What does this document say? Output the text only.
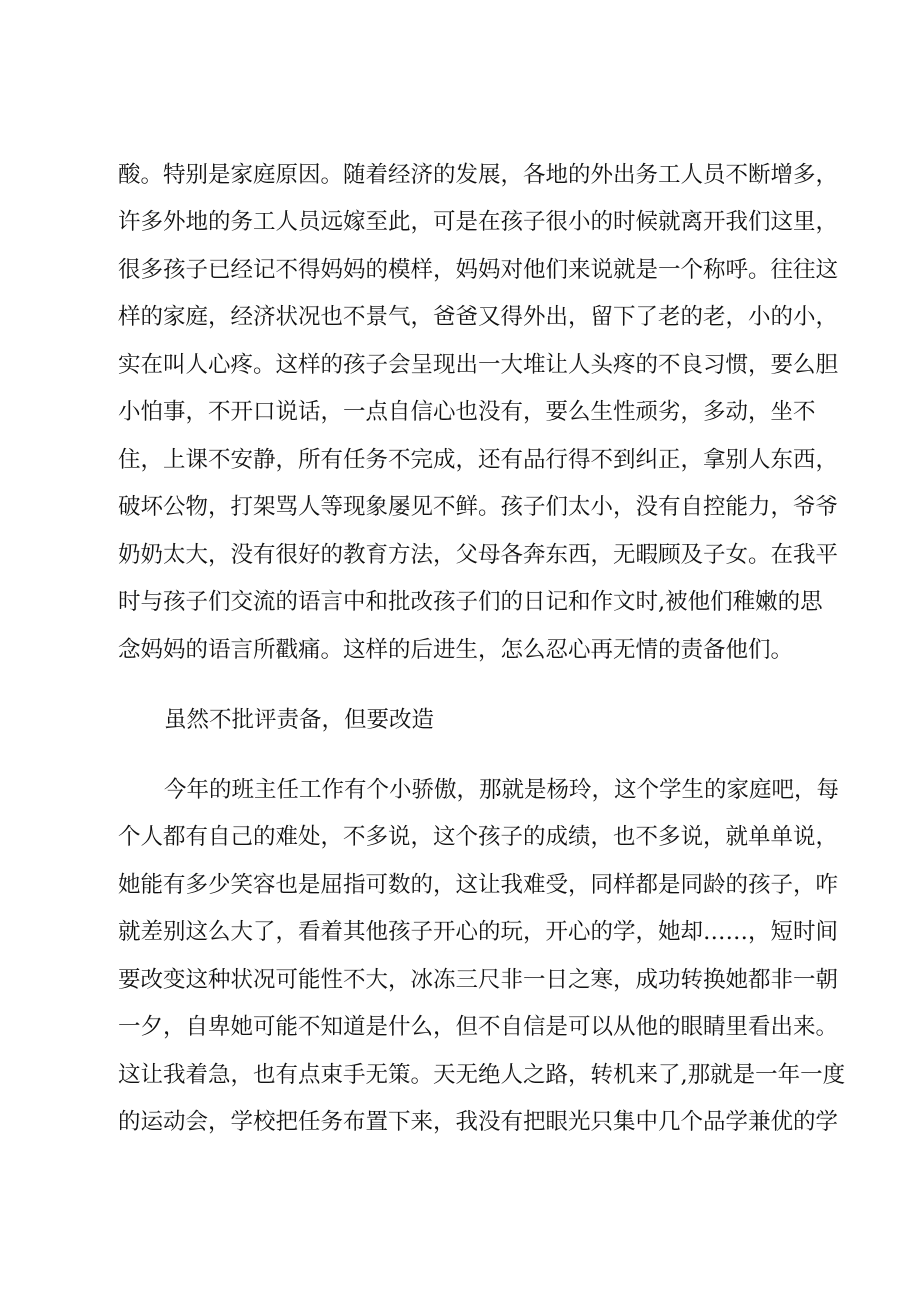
酸。特别是家庭原因。随着经济的发展，各地的外出务工人员不断增多，
许多外地的务工人员远嫁至此，可是在孩子很小的时候就离开我们这里，
很多孩子已经记不得妈妈的模样，妈妈对他们来说就是一个称呼。往往这
样的家庭，经济状况也不景气，爸爸又得外出，留下了老的老，小的小，
实在叫人心疼。这样的孩子会呈现出一大堆让人头疼的不良习惯，要么胆
小怕事，不开口说话，一点自信心也没有，要么生性顽劣，多动，坐不
住，上课不安静，所有任务不完成，还有品行得不到纠正，拿别人东西，
破坏公物，打架骂人等现象屡见不鲜。孩子们太小，没有自控能力，爷爷
奶奶太大，没有很好的教育方法，父母各奔东西，无暇顾及子女。在我平
时与孩子们交流的语言中和批改孩子们的日记和作文时,被他们稚嫩的思
念妈妈的语言所戳痛。这样的后进生，怎么忍心再无情的责备他们。
虽然不批评责备，但要改造
今年的班主任工作有个小骄傲，那就是杨玲，这个学生的家庭吧，每
个人都有自己的难处，不多说，这个孩子的成绩，也不多说，就单单说，
她能有多少笑容也是屈指可数的，这让我难受，同样都是同龄的孩子，咋
就差别这么大了，看着其他孩子开心的玩，开心的学，她却……，短时间
要改变这种状况可能性不大，冰冻三尺非一日之寒，成功转换她都非一朝
一夕，自卑她可能不知道是什么，但不自信是可以从他的眼睛里看出来。
这让我着急，也有点束手无策。天无绝人之路，转机来了,那就是一年一度
的运动会，学校把任务布置下来，我没有把眼光只集中几个品学兼优的学
